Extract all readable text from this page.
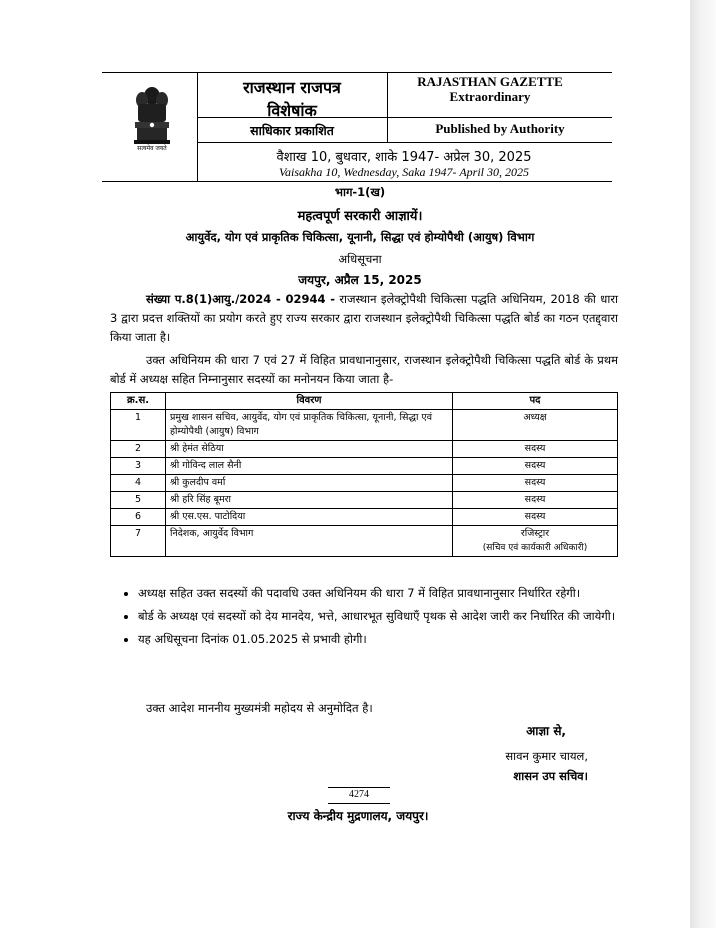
सत्यमेव जयते
राजस्थान राजपत्र
विशेषांक
RAJASTHAN GAZETTE
Extraordinary
साधिकार प्रकाशित	Published by Authority
वैशाख 10, बुधवार, शाके 1947- अप्रेल 30, 2025
Vaisakha 10, Wednesday, Saka 1947- April 30, 2025
भाग-1(ख)
महत्वपूर्ण सरकारी आज्ञायें।
आयुर्वेद, योग एवं प्राकृतिक चिकित्सा, यूनानी, सिद्धा एवं होम्योपैथी (आयुष) विभाग
अधिसूचना
जयपुर, अप्रैल 15, 2025
संख्या प.8(1)आयु./2024 - 02944 - राजस्थान इलेक्ट्रोपैथी चिकित्सा पद्धति अधिनियम, 2018 की धारा 3 द्वारा प्रदत्त शक्तियों का प्रयोग करते हुए राज्य सरकार द्वारा राजस्थान इलेक्ट्रोपैथी चिकित्सा पद्धति बोर्ड का गठन एतद्द्वारा किया जाता है।
उक्त अधिनियम की धारा 7 एवं 27 में विहित प्रावधानानुसार, राजस्थान इलेक्ट्रोपैथी चिकित्सा पद्धति बोर्ड के प्रथम बोर्ड में अध्यक्ष सहित निम्नानुसार सदस्यों का मनोनयन किया जाता है-
क्र.स.	विवरण	पद
1	प्रमुख शासन सचिव, आयुर्वेद, योग एवं प्राकृतिक चिकित्सा, यूनानी, सिद्धा एवं होम्योपैथी (आयुष) विभाग	अध्यक्ष
2	श्री हेमंत सेठिया	सदस्य
3	श्री गोविन्द लाल सैनी	सदस्य
4	श्री कुलदीप वर्मा	सदस्य
5	श्री हरि सिंह बूमरा	सदस्य
6	श्री एस.एस. पाटोदिया	सदस्य
7	निदेशक, आयुर्वेद विभाग	रजिस्ट्रार
(सचिव एवं कार्यकारी अधिकारी)
• अध्यक्ष सहित उक्त सदस्यों की पदावधि उक्त अधिनियम की धारा 7 में विहित प्रावधानानुसार निर्धारित रहेगी।
• बोर्ड के अध्यक्ष एवं सदस्यों को देय मानदेय, भत्ते, आधारभूत सुविधाएँ पृथक से आदेश जारी कर निर्धारित की जायेगी।
• यह अधिसूचना दिनांक 01.05.2025 से प्रभावी होगी।
उक्त आदेश माननीय मुख्यमंत्री महोदय से अनुमोदित है।
आज्ञा से,
सावन कुमार चायल,
शासन उप सचिव।
4274
राज्य केन्द्रीय मुद्रणालय, जयपुर।
